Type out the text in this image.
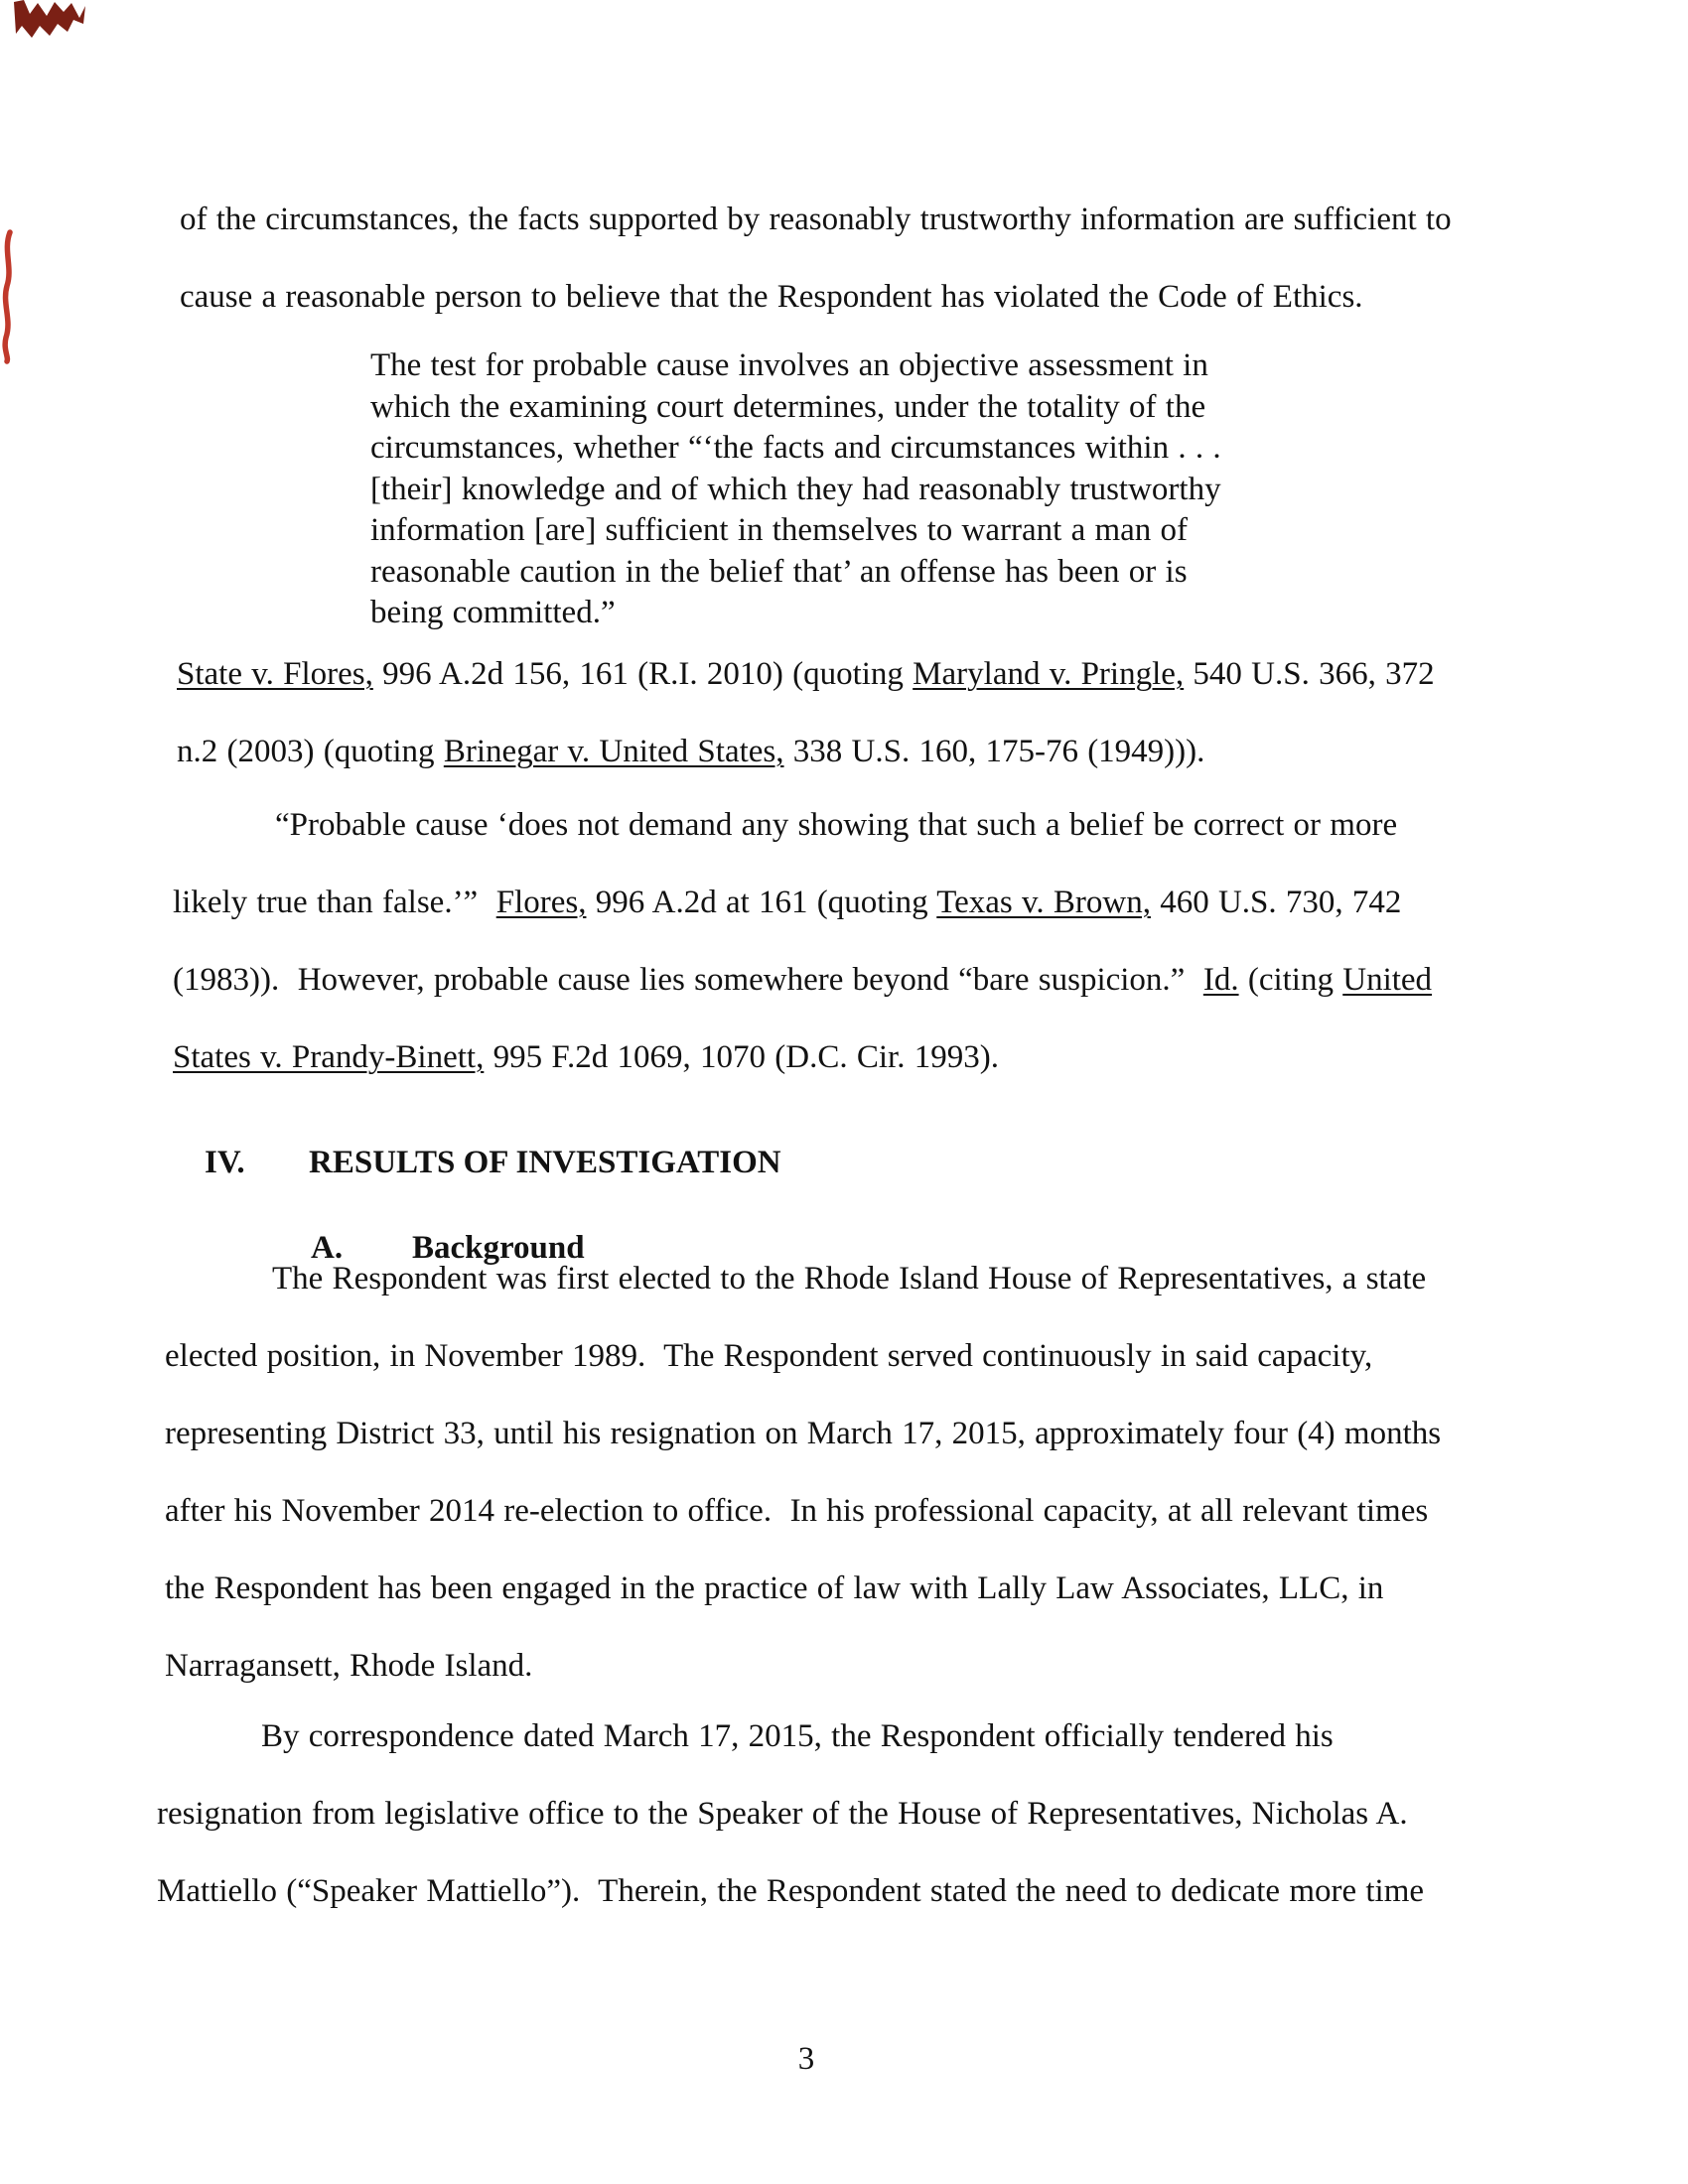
of the circumstances, the facts supported by reasonably trustworthy information are sufficient to
cause a reasonable person to believe that the Respondent has violated the Code of Ethics.
The test for probable cause involves an objective assessment in
which the examining court determines, under the totality of the
circumstances, whether “‘the facts and circumstances within . . .
[their] knowledge and of which they had reasonably trustworthy
information [are] sufficient in themselves to warrant a man of
reasonable caution in the belief that’ an offense has been or is
being committed.”
State v. Flores, 996 A.2d 156, 161 (R.I. 2010) (quoting Maryland v. Pringle, 540 U.S. 366, 372
n.2 (2003) (quoting Brinegar v. United States, 338 U.S. 160, 175-76 (1949))).
“Probable cause ‘does not demand any showing that such a belief be correct or more
likely true than false.’”  Flores, 996 A.2d at 161 (quoting Texas v. Brown, 460 U.S. 730, 742
(1983)).  However, probable cause lies somewhere beyond “bare suspicion.”  Id. (citing United
States v. Prandy-Binett, 995 F.2d 1069, 1070 (D.C. Cir. 1993).

IV. RESULTS OF INVESTIGATION

A. Background

The Respondent was first elected to the Rhode Island House of Representatives, a state
elected position, in November 1989.  The Respondent served continuously in said capacity,
representing District 33, until his resignation on March 17, 2015, approximately four (4) months
after his November 2014 re-election to office.  In his professional capacity, at all relevant times
the Respondent has been engaged in the practice of law with Lally Law Associates, LLC, in
Narragansett, Rhode Island.
By correspondence dated March 17, 2015, the Respondent officially tendered his
resignation from legislative office to the Speaker of the House of Representatives, Nicholas A.
Mattiello (“Speaker Mattiello”).  Therein, the Respondent stated the need to dedicate more time
3
